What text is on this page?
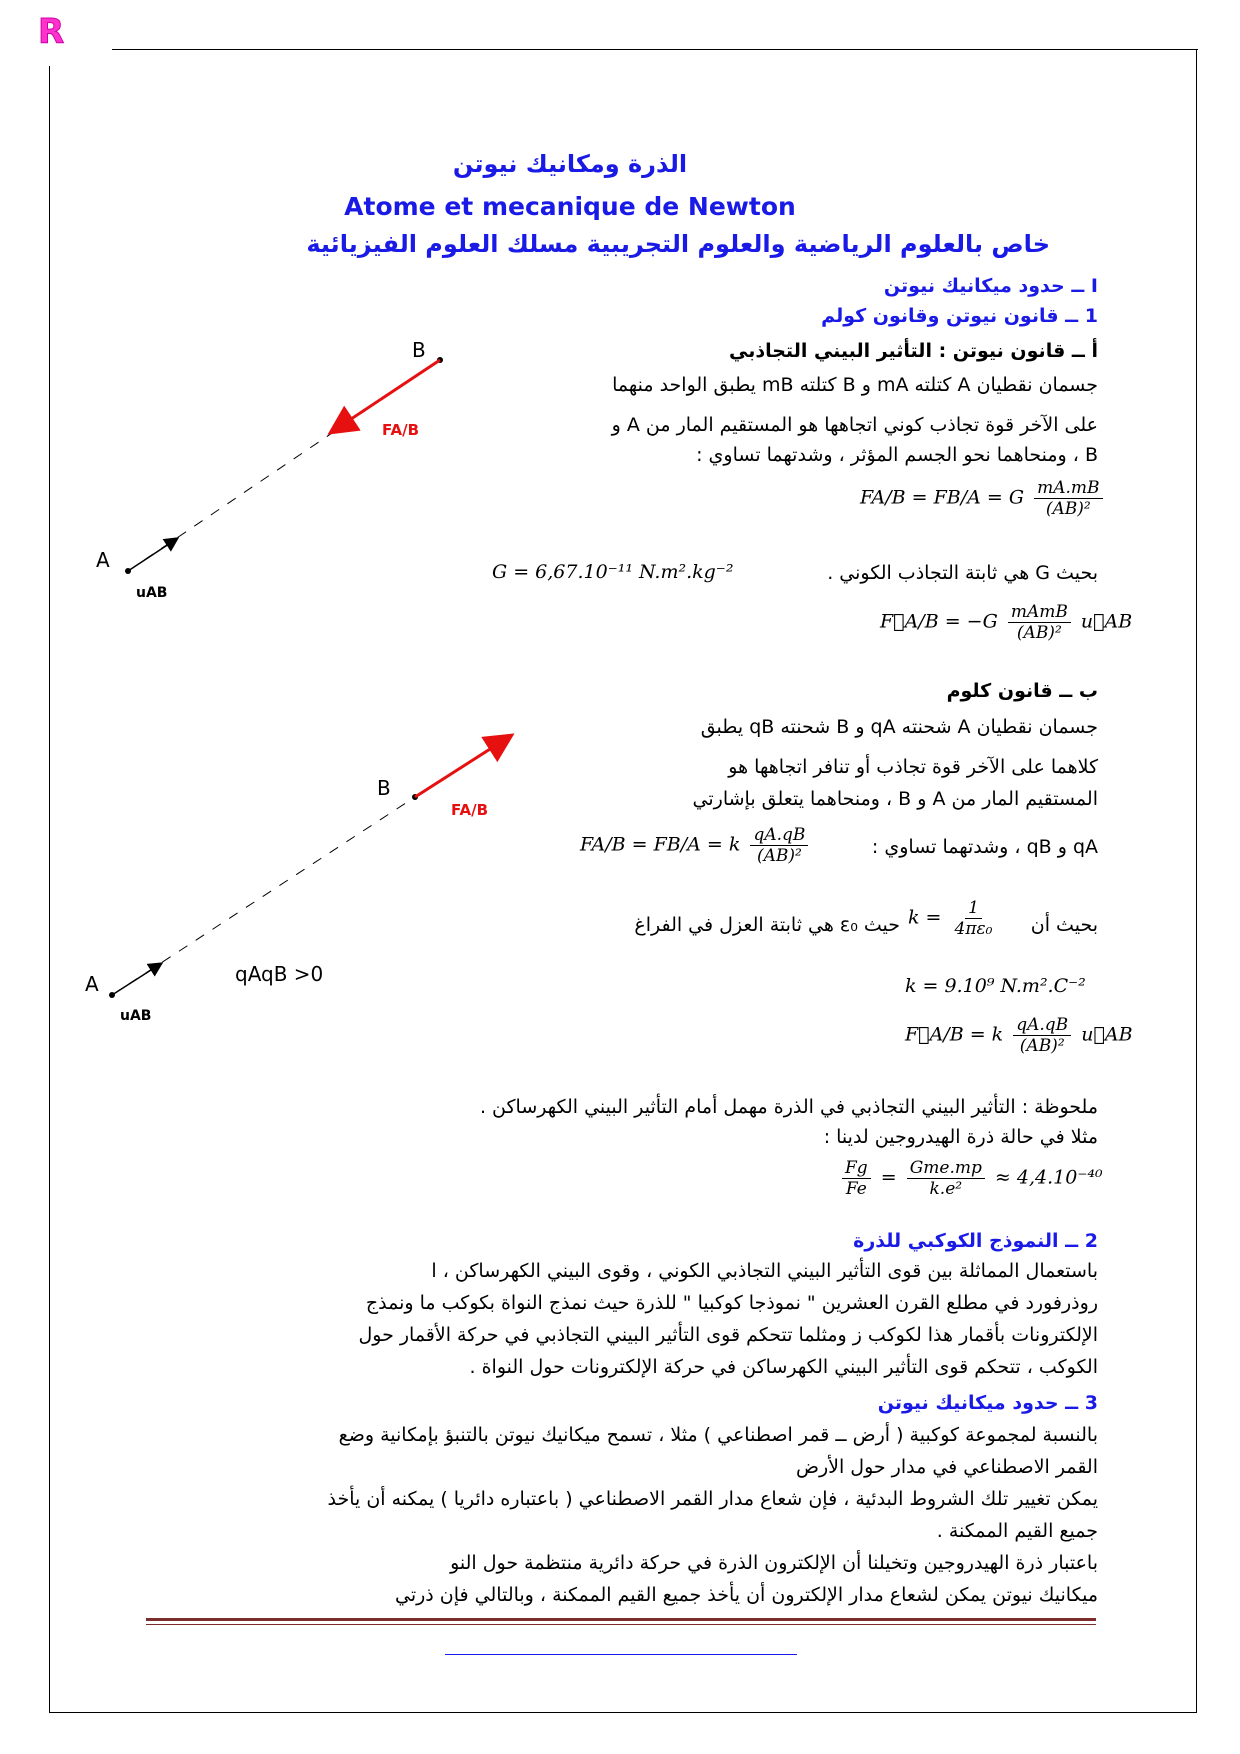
R
الذرة ومكانيك نيوتن
Atome et mecanique de Newton
خاص بالعلوم الرياضية والعلوم التجريبية مسلك العلوم الفيزيائية
I ــ حدود ميكانيك نيوتن
1 ــ قانون نيوتن وقانون كولم
أ ــ قانون نيوتن : التأثير البيني التجاذبي
جسمان نقطيان A كتلته mA و B كتلته mB يطبق الواحد منهما
على الآخر قوة تجاذب كوني اتجاهها هو المستقيم المار من A و
B ، ومنحاهما نحو الجسم المؤثر ، وشدتهما تساوي :
FA/B = FB/A = G $\frac{mA.mB}{\text{(AB)²}}$
بحيث G هي ثابتة التجاذب الكوني .
G = 6,67.10⁻¹¹ N.m².kg⁻²
F⃗A/B = $-G \frac{\text{mAmB}}{\text{(AB)²}}$ u⃗AB
ب ــ قانون كلوم
جسمان نقطيان A شحنته qA و B شحنته qB يطبق
كلاهما على الآخر قوة تجاذب أو تنافر اتجاهها هو
المستقيم المار من A و B ، ومنحاهما يتعلق بإشارتي
qA و qB ، وشدتهما تساوي :
FA/B = FB/A = k $\frac{qA.qB}{\text{(AB)²}}$
بحيث أن
$k = \frac{1}{\text{4πε₀}}$
حيث ε₀ هي ثابتة العزل في الفراغ
k = 9.10⁹ N.m².C⁻²
F⃗A/B = k $\frac{qA.qB}{\text{(AB)²}}$ u⃗AB
ملحوظة : التأثير البيني التجاذبي في الذرة مهمل أمام التأثير البيني الكهرساكن .
مثلا في حالة ذرة الهيدروجين لدينا :
$\frac{Fg}{Fe} = \frac{\text{Gme.mp}}{\text{k.e²}} \approx 4,4.10^{-40}$
2 ــ النموذج الكوكبي للذرة
باستعمال المماثلة بين قوى التأثير البيني التجاذبي الكوني ، وقوى البيني الكهرساكن ، ا
روذرفورد في مطلع القرن العشرين " نموذجا كوكبيا " للذرة حيث نمذج النواة بكوكب ما ونمذج
الإلكترونات بأقمار هذا لكوكب ز ومثلما تتحكم قوى التأثير البيني التجاذبي في حركة الأقمار حول
الكوكب ، تتحكم قوى التأثير البيني الكهرساكن في حركة الإلكترونات حول النواة .
3 ــ حدود ميكانيك نيوتن
بالنسبة لمجموعة كوكبية ( أرض ــ قمر اصطناعي ) مثلا ، تسمح ميكانيك نيوتن بالتنبؤ بإمكانية وضع
القمر الاصطناعي في مدار حول الأرض
يمكن تغيير تلك الشروط البدئية ، فإن شعاع مدار القمر الاصطناعي ( باعتباره دائريا ) يمكنه أن يأخذ
جميع القيم الممكنة .
باعتبار ذرة الهيدروجين وتخيلنا أن الإلكترون الذرة في حركة دائرية منتظمة حول النو
ميكانيك نيوتن يمكن لشعاع مدار الإلكترون أن يأخذ جميع القيم الممكنة ، وبالتالي فإن ذرتي
A
B
FA/B
uAB
A
B
FA/B
uAB
qAqB >0
